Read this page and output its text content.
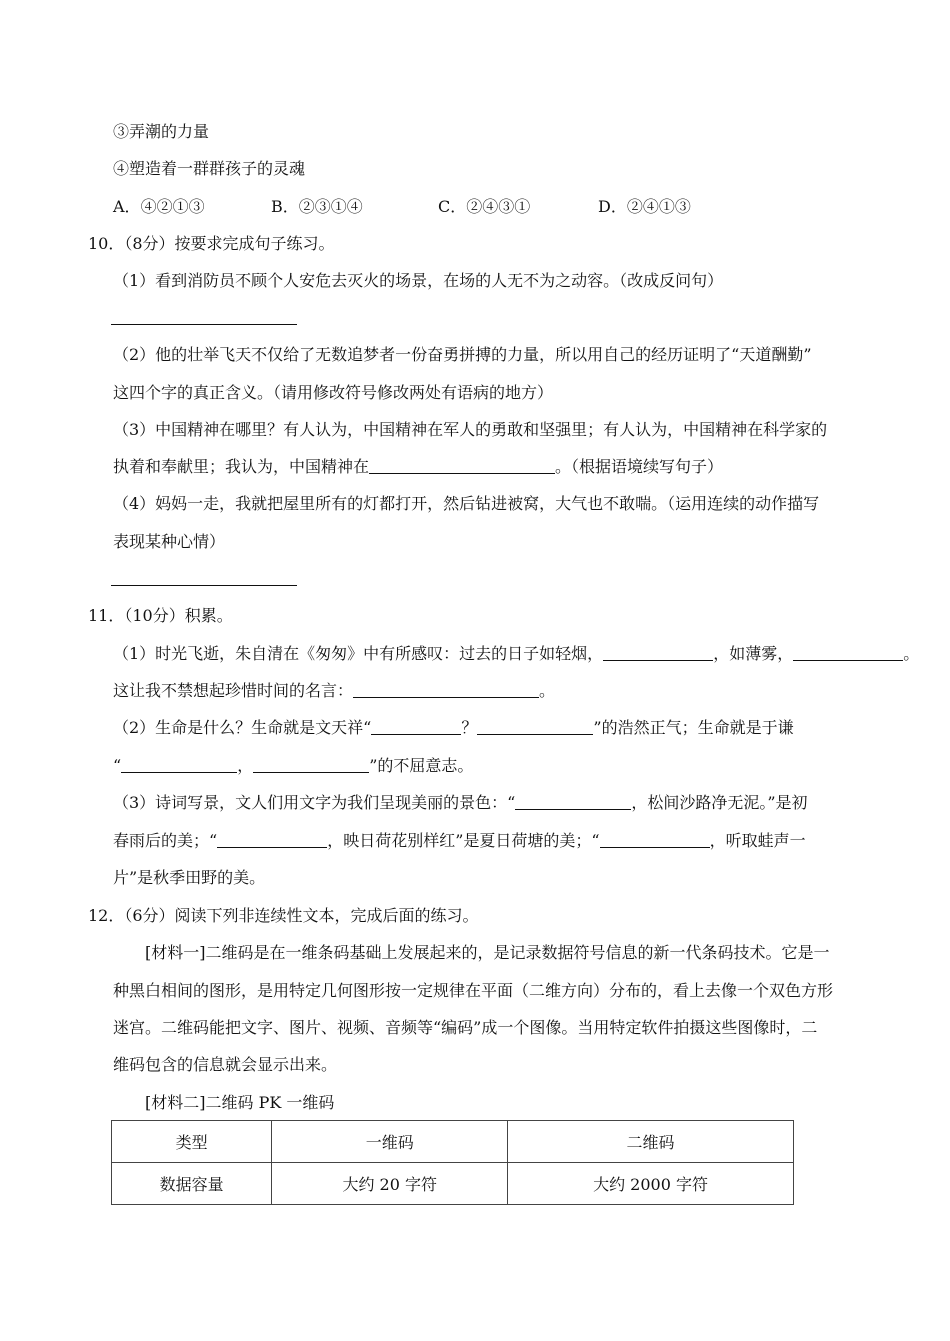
③弄潮的力量
④塑造着一群群孩子的灵魂
A．④②①③	B．②③①④	C．②④③①	D．②④①③
10．（8分）按要求完成句子练习。
（1）看到消防员不顾个人安危去灭火的场景，在场的人无不为之动容。（改成反问句）
（2）他的壮举飞天不仅给了无数追梦者一份奋勇拼搏的力量，所以用自己的经历证明了“天道酬勤”
这四个字的真正含义。（请用修改符号修改两处有语病的地方）
（3）中国精神在哪里？有人认为，中国精神在军人的勇敢和坚强里；有人认为，中国精神在科学家的
执着和奉献里；我认为，中国精神在	。（根据语境续写句子）
（4）妈妈一走，我就把屋里所有的灯都打开，然后钻进被窝，大气也不敢喘。（运用连续的动作描写
表现某种心情）
11．（10分）积累。
（1）时光飞逝，朱自清在《匆匆》中有所感叹：过去的日子如轻烟，	，如薄雾，	。
这让我不禁想起珍惜时间的名言：	。
（2）生命是什么？生命就是文天祥“	？	”的浩然正气；生命就是于谦
“	，	”的不屈意志。
（3）诗词写景，文人们用文字为我们呈现美丽的景色：“	，松间沙路净无泥。”是初
春雨后的美；“	，映日荷花别样红”是夏日荷塘的美；“	，听取蛙声一
片”是秋季田野的美。
12．（6分）阅读下列非连续性文本，完成后面的练习。
[材料一]二维码是在一维条码基础上发展起来的，是记录数据符号信息的新一代条码技术。它是一
种黑白相间的图形，是用特定几何图形按一定规律在平面（二维方向）分布的，看上去像一个双色方形
迷宫。二维码能把文字、图片、视频、音频等“编码”成一个图像。当用特定软件拍摄这些图像时，二
维码包含的信息就会显示出来。
[材料二]二维码 PK 一维码
类型	一维码	二维码
数据容量	大约 20 字符	大约 2000 字符
